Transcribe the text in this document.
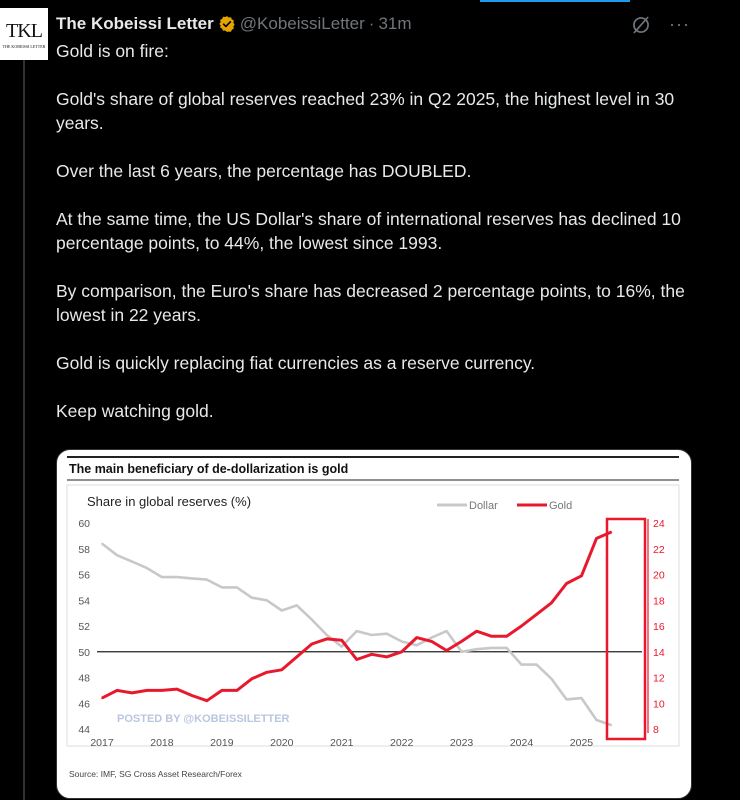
TKL
THE KOBEISSI LETTER
The Kobeissi Letter @KobeissiLetter · 31m	···

Gold is on fire:

Gold's share of global reserves reached 23% in Q2 2025, the highest level in 30 years.

Over the last 6 years, the percentage has DOUBLED.

At the same time, the US Dollar's share of international reserves has declined 10 percentage points, to 44%, the lowest since 1993.

By comparison, the Euro's share has decreased 2 percentage points, to 16%, the lowest in 22 years.

Gold is quickly replacing fiat currencies as a reserve currency.

Keep watching gold.

The main beneficiary of de-dollarization is gold
Share in global reserves (%)	Dollar	Gold
60
58
56
54
52
50
48
46
44
24
22
20
18
16
14
12
10
8
2017	2018	2019	2020	2021	2022	2023	2024	2025
POSTED BY @KOBEISSILETTER
Source: IMF, SG Cross Asset Research/Forex
